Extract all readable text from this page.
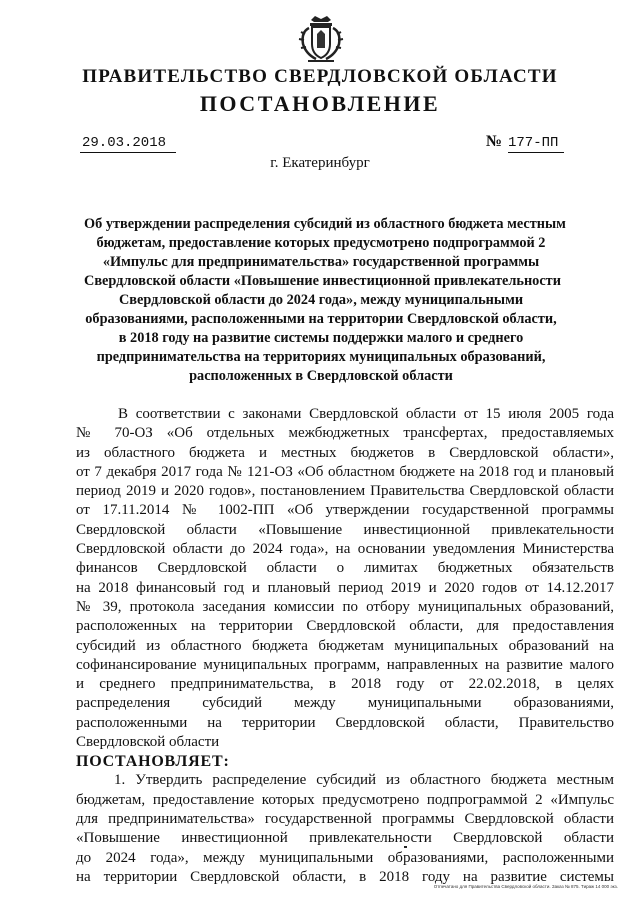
ПРАВИТЕЛЬСТВО СВЕРДЛОВСКОЙ ОБЛАСТИ
ПОСТАНОВЛЕНИЕ
29.03.2018	№ 177-ПП
г. Екатеринбург
Об утверждении распределения субсидий из областного бюджета местным
бюджетам, предоставление которых предусмотрено подпрограммой 2
«Импульс для предпринимательства» государственной программы
Свердловской области «Повышение инвестиционной привлекательности
Свердловской области до 2024 года», между муниципальными
образованиями, расположенными на территории Свердловской области,
в 2018 году на развитие системы поддержки малого и среднего
предпринимательства на территориях муниципальных образований,
расположенных в Свердловской области
В соответствии с законами Свердловской области от 15 июля 2005 года
№ 70-ОЗ «Об отдельных межбюджетных трансфертах, предоставляемых
из областного бюджета и местных бюджетов в Свердловской области»,
от 7 декабря 2017 года № 121-ОЗ «Об областном бюджете на 2018 год и плановый
период 2019 и 2020 годов», постановлением Правительства Свердловской области
от 17.11.2014 № 1002-ПП «Об утверждении государственной программы
Свердловской области «Повышение инвестиционной привлекательности
Свердловской области до 2024 года», на основании уведомления Министерства
финансов Свердловской области о лимитах бюджетных обязательств
на 2018 финансовый год и плановый период 2019 и 2020 годов от 14.12.2017
№ 39, протокола заседания комиссии по отбору муниципальных образований,
расположенных на территории Свердловской области, для предоставления
субсидий из областного бюджета бюджетам муниципальных образований на
софинансирование муниципальных программ, направленных на развитие малого
и среднего предпринимательства, в 2018 году от 22.02.2018, в целях
распределения субсидий между муниципальными образованиями,
расположенными на территории Свердловской области, Правительство
Свердловской области
ПОСТАНОВЛЯЕТ:
1. Утвердить распределение субсидий из областного бюджета местным
бюджетам, предоставление которых предусмотрено подпрограммой 2 «Импульс
для предпринимательства» государственной программы Свердловской области
«Повышение инвестиционной привлекательности Свердловской области
до 2024 года», между муниципальными образованиями, расположенными
на территории Свердловской области, в 2018 году на развитие системы
Отпечатано для Правительства Свердловской области. Заказ № 875. Тираж 14 000 экз.
